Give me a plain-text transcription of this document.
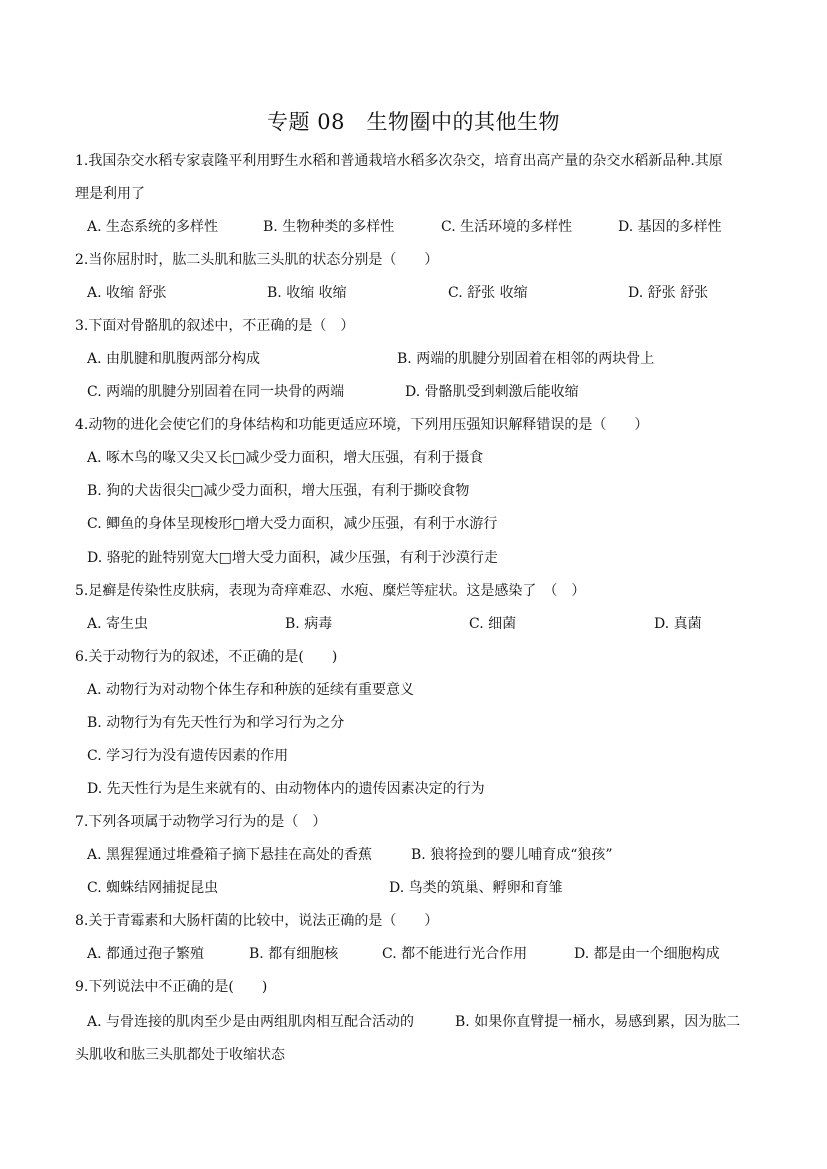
专题 08　生物圈中的其他生物
1.我国杂交水稻专家袁隆平利用野生水稻和普通栽培水稻多次杂交，培育出高产量的杂交水稻新品种.其原
理是利用了
A. 生态系统的多样性	B. 生物种类的多样性	C. 生活环境的多样性	D. 基因的多样性
2.当你屈肘时，肱二头肌和肱三头肌的状态分别是（　　）
A. 收缩 舒张	B. 收缩 收缩	C. 舒张 收缩	D. 舒张 舒张
3.下面对骨骼肌的叙述中，不正确的是（　）
A. 由肌腱和肌腹两部分构成	B. 两端的肌腱分别固着在相邻的两块骨上
C. 两端的肌腱分别固着在同一块骨的两端	D. 骨骼肌受到刺激后能收缩
4.动物的进化会使它们的身体结构和功能更适应环境，下列用压强知识解释错误的是（　　）
A. 啄木鸟的喙又尖又长□减少受力面积，增大压强，有利于摄食
B. 狗的犬齿很尖□减少受力面积，增大压强，有利于撕咬食物
C. 鲫鱼的身体呈现梭形□增大受力面积，减少压强，有利于水游行
D. 骆驼的趾特别宽大□增大受力面积，减少压强，有利于沙漠行走
5.足癣是传染性皮肤病，表现为奇痒难忍、水疱、糜烂等症状。这是感染了　（　）
A. 寄生虫	B. 病毒	C. 细菌	D. 真菌
6.关于动物行为的叙述，不正确的是(　　)
A. 动物行为对动物个体生存和种族的延续有重要意义
B. 动物行为有先天性行为和学习行为之分
C. 学习行为没有遗传因素的作用
D. 先天性行为是生来就有的、由动物体内的遗传因素决定的行为
7.下列各项属于动物学习行为的是（　）
A. 黑猩猩通过堆叠箱子摘下悬挂在高处的香蕉	B. 狼将捡到的婴儿哺育成“狼孩”
C. 蜘蛛结网捕捉昆虫	D. 鸟类的筑巢、孵卵和育雏
8.关于青霉素和大肠杆菌的比较中，说法正确的是（　　）
A. 都通过孢子繁殖	B. 都有细胞核	C. 都不能进行光合作用	D. 都是由一个细胞构成
9.下列说法中不正确的是(　　)
A. 与骨连接的肌肉至少是由两组肌肉相互配合活动的	B. 如果你直臂提一桶水，易感到累，因为肱二
头肌收和肱三头肌都处于收缩状态
